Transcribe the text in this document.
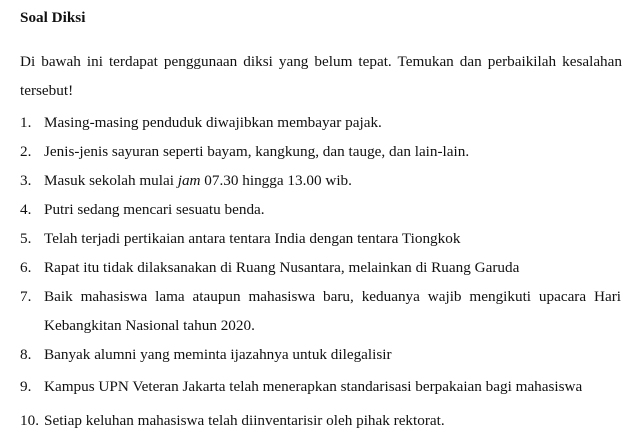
Soal Diksi
Di bawah ini terdapat penggunaan diksi yang belum tepat. Temukan dan perbaikilah kesalahan tersebut!
1. Masing-masing penduduk diwajibkan membayar pajak.
2. Jenis-jenis sayuran seperti bayam, kangkung, dan tauge, dan lain-lain.
3. Masuk sekolah mulai jam 07.30 hingga 13.00 wib.
4. Putri sedang mencari sesuatu benda.
5. Telah terjadi pertikaian antara tentara India dengan tentara Tiongkok
6. Rapat itu tidak dilaksanakan di Ruang Nusantara, melainkan di Ruang Garuda
7. Baik mahasiswa lama ataupun mahasiswa baru, keduanya wajib mengikuti upacara Hari Kebangkitan Nasional tahun 2020.
8. Banyak alumni yang meminta ijazahnya untuk dilegalisir
9. Kampus UPN Veteran Jakarta telah menerapkan standarisasi berpakaian bagi mahasiswa
10. Setiap keluhan mahasiswa telah diinventarisir oleh pihak rektorat.
